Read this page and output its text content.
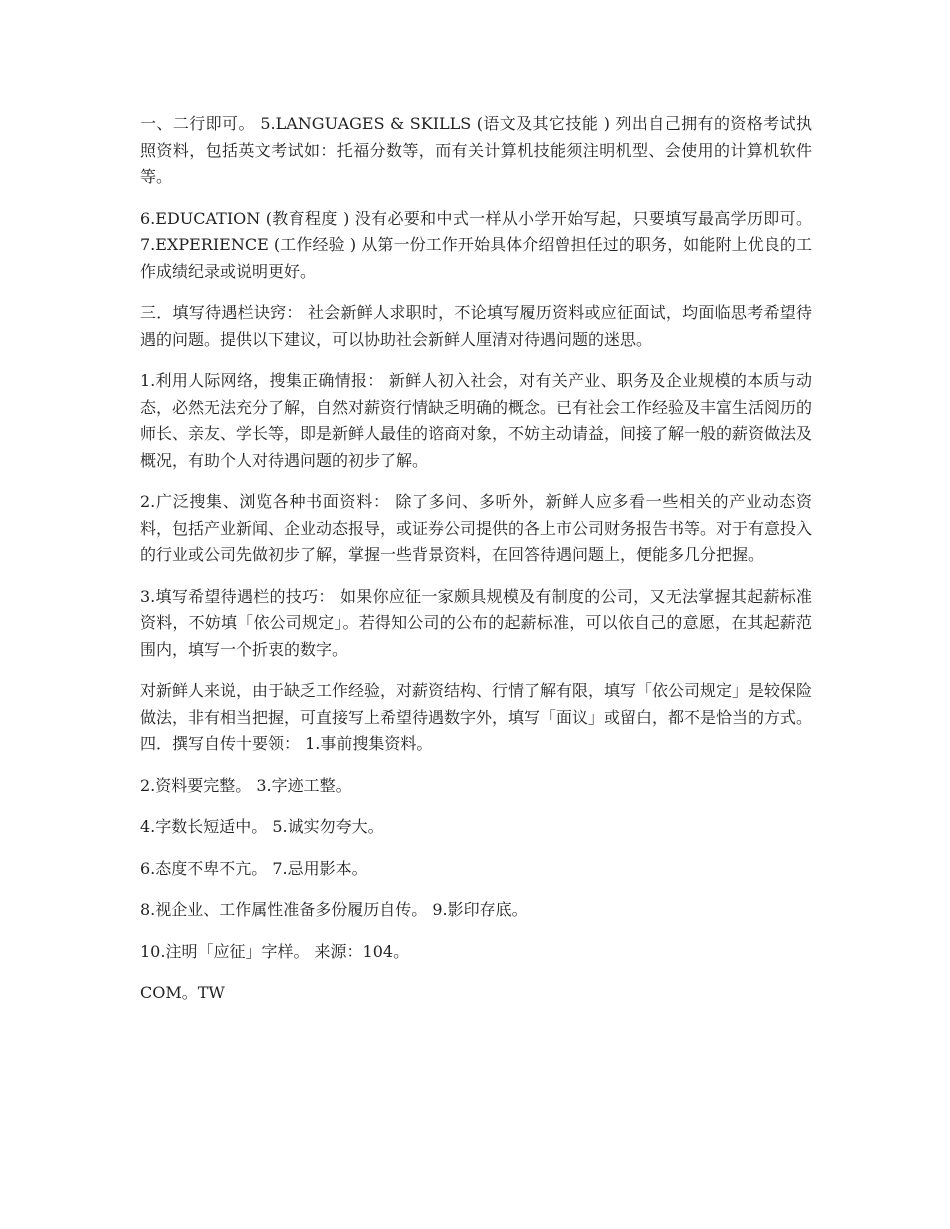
一、二行即可。 5.LANGUAGES & SKILLS (语文及其它技能 ) 列出自己拥有的资格考试执照资料，包括英文考试如：托福分数等，而有关计算机技能须注明机型、会使用的计算机软件等。

6.EDUCATION (教育程度 ) 没有必要和中式一样从小学开始写起，只要填写最高学历即可。 7.EXPERIENCE (工作经验 ) 从第一份工作开始具体介绍曾担任过的职务，如能附上优良的工作成绩纪录或说明更好。

三．填写待遇栏诀窍： 社会新鲜人求职时，不论填写履历资料或应征面试，均面临思考希望待遇的问题。提供以下建议，可以协助社会新鲜人厘清对待遇问题的迷思。

1.利用人际网络，搜集正确情报： 新鲜人初入社会，对有关产业、职务及企业规模的本质与动态，必然无法充分了解，自然对薪资行情缺乏明确的概念。已有社会工作经验及丰富生活阅历的师长、亲友、学长等，即是新鲜人最佳的谘商对象，不妨主动请益，间接了解一般的薪资做法及概况，有助个人对待遇问题的初步了解。

2.广泛搜集、浏览各种书面资料： 除了多问、多听外，新鲜人应多看一些相关的产业动态资料，包括产业新闻、企业动态报导，或证券公司提供的各上市公司财务报告书等。对于有意投入的行业或公司先做初步了解，掌握一些背景资料，在回答待遇问题上，便能多几分把握。

3.填写希望待遇栏的技巧： 如果你应征一家颇具规模及有制度的公司，又无法掌握其起薪标准资料，不妨填「依公司规定」。若得知公司的公布的起薪标准，可以依自己的意愿，在其起薪范围内，填写一个折衷的数字。

对新鲜人来说，由于缺乏工作经验，对薪资结构、行情了解有限，填写「依公司规定」是较保险做法，非有相当把握，可直接写上希望待遇数字外，填写「面议」或留白，都不是恰当的方式。 四．撰写自传十要领： 1.事前搜集资料。

2.资料要完整。 3.字迹工整。

4.字数长短适中。 5.诚实勿夸大。

6.态度不卑不亢。 7.忌用影本。

8.视企业、工作属性准备多份履历自传。 9.影印存底。

10.注明「应征」字样。 来源：104。

COM。TW
